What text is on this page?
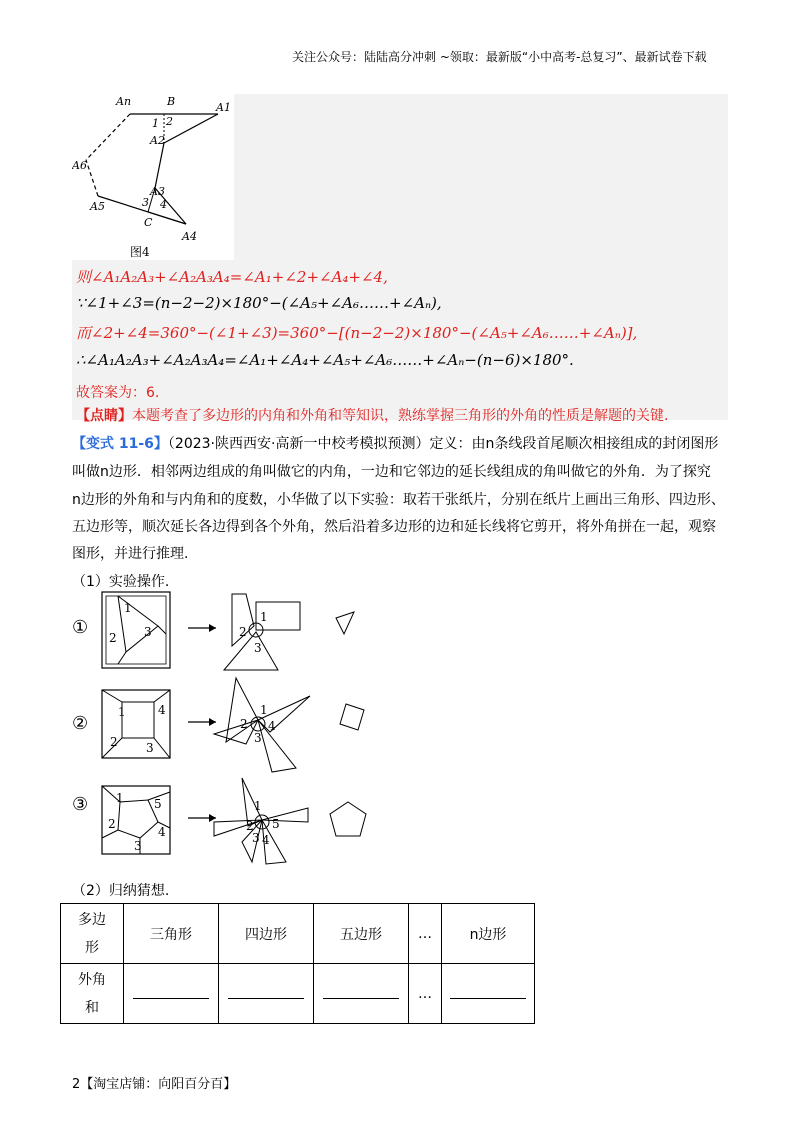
关注公众号：陆陆高分冲刺 ~领取：最新版“小中高考-总复习”、最新试卷下载
An	B	A1
1 2
A2
A6
A3
A5	3 4
C
A4
图4
则∠A₁A₂A₃+∠A₂A₃A₄=∠A₁+∠2+∠A₄+∠4,
∵∠1+∠3=(n−2−2)×180°−(∠A₅+∠A₆……+∠Aₙ),
而∠2+∠4=360°−(∠1+∠3)=360°−[(n−2−2)×180°−(∠A₅+∠A₆……+∠Aₙ)],
∴∠A₁A₂A₃+∠A₂A₃A₄=∠A₁+∠A₄+∠A₅+∠A₆……+∠Aₙ−(n−6)×180°.
故答案为：6.
【点睛】本题考查了多边形的内角和外角和等知识，熟练掌握三角形的外角的性质是解题的关键.
【变式 11-6】（2023·陕西西安·高新一中校考模拟预测）定义：由n条线段首尾顺次相接组成的封闭图形
叫做n边形．相邻两边组成的角叫做它的内角，一边和它邻边的延长线组成的角叫做它的外角．为了探究
n边形的外角和与内角和的度数，小华做了以下实验：取若干张纸片，分别在纸片上画出三角形、四边形、
五边形等，顺次延长各边得到各个外角，然后沿着多边形的边和延长线将它剪开，将外角拼在一起，观察
图形，并进行推理.
（1）实验操作.
①
1
2 3
1
2
3
②
1
2 3
4	1
2
3
4
③ 1
2
3
4
5	1
2
3 4
5
（2）归纳猜想.
多边
形	三角形	四边形	五边形	…	n边形
外角
和				…	
2【淘宝店铺：向阳百分百】
